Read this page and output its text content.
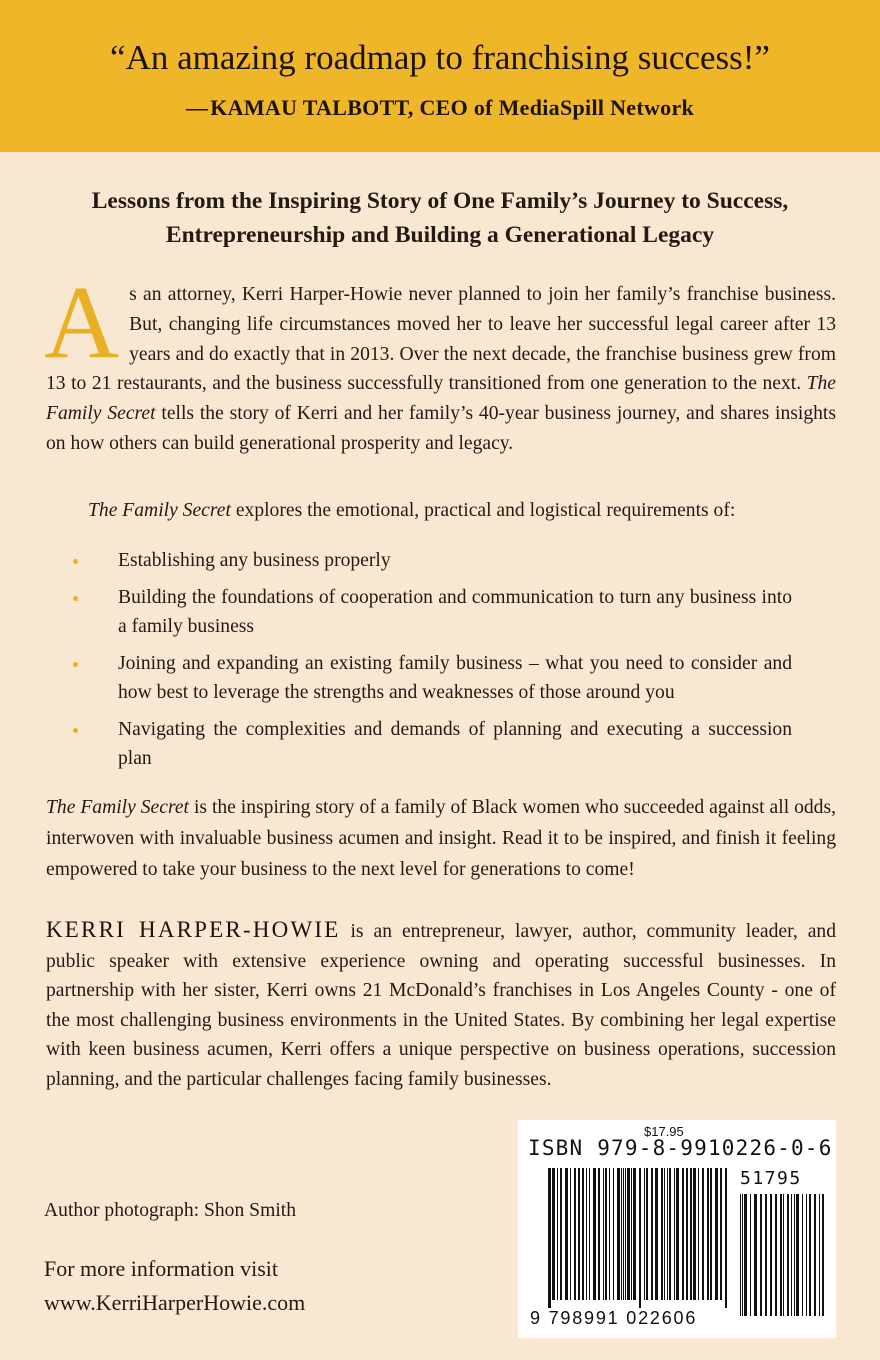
“An amazing roadmap to franchising success!”
—KAMAU TALBOTT, CEO of MediaSpill Network
Lessons from the Inspiring Story of One Family’s Journey to Success,
Entrepreneurship and Building a Generational Legacy
As an attorney, Kerri Harper-Howie never planned to join her family’s franchise business. But, changing life circumstances moved her to leave her successful legal career after 13 years and do exactly that in 2013. Over the next decade, the franchise business grew from 13 to 21 restaurants, and the business successfully transitioned from one generation to the next. The Family Secret tells the story of Kerri and her family’s 40-year business journey, and shares insights on how others can build generational prosperity and legacy.
The Family Secret explores the emotional, practical and logistical requirements of:
Establishing any business properly
Building the foundations of cooperation and communication to turn any business into a family business
Joining and expanding an existing family business – what you need to consider and how best to leverage the strengths and weaknesses of those around you
Navigating the complexities and demands of planning and executing a succession plan
The Family Secret is the inspiring story of a family of Black women who succeeded against all odds, interwoven with invaluable business acumen and insight. Read it to be inspired, and finish it feeling empowered to take your business to the next level for generations to come!
KERRI HARPER-HOWIE is an entrepreneur, lawyer, author, community leader, and public speaker with extensive experience owning and operating successful businesses. In partnership with her sister, Kerri owns 21 McDonald’s franchises in Los Angeles County - one of the most challenging business environments in the United States. By combining her legal expertise with keen business acumen, Kerri offers a unique perspective on business operations, succession planning, and the particular challenges facing family businesses.
Author photograph: Shon Smith
For more information visit
www.KerriHarperHowie.com
$17.95
ISBN 979-8-9910226-0-6
51795
9 798991 022606
